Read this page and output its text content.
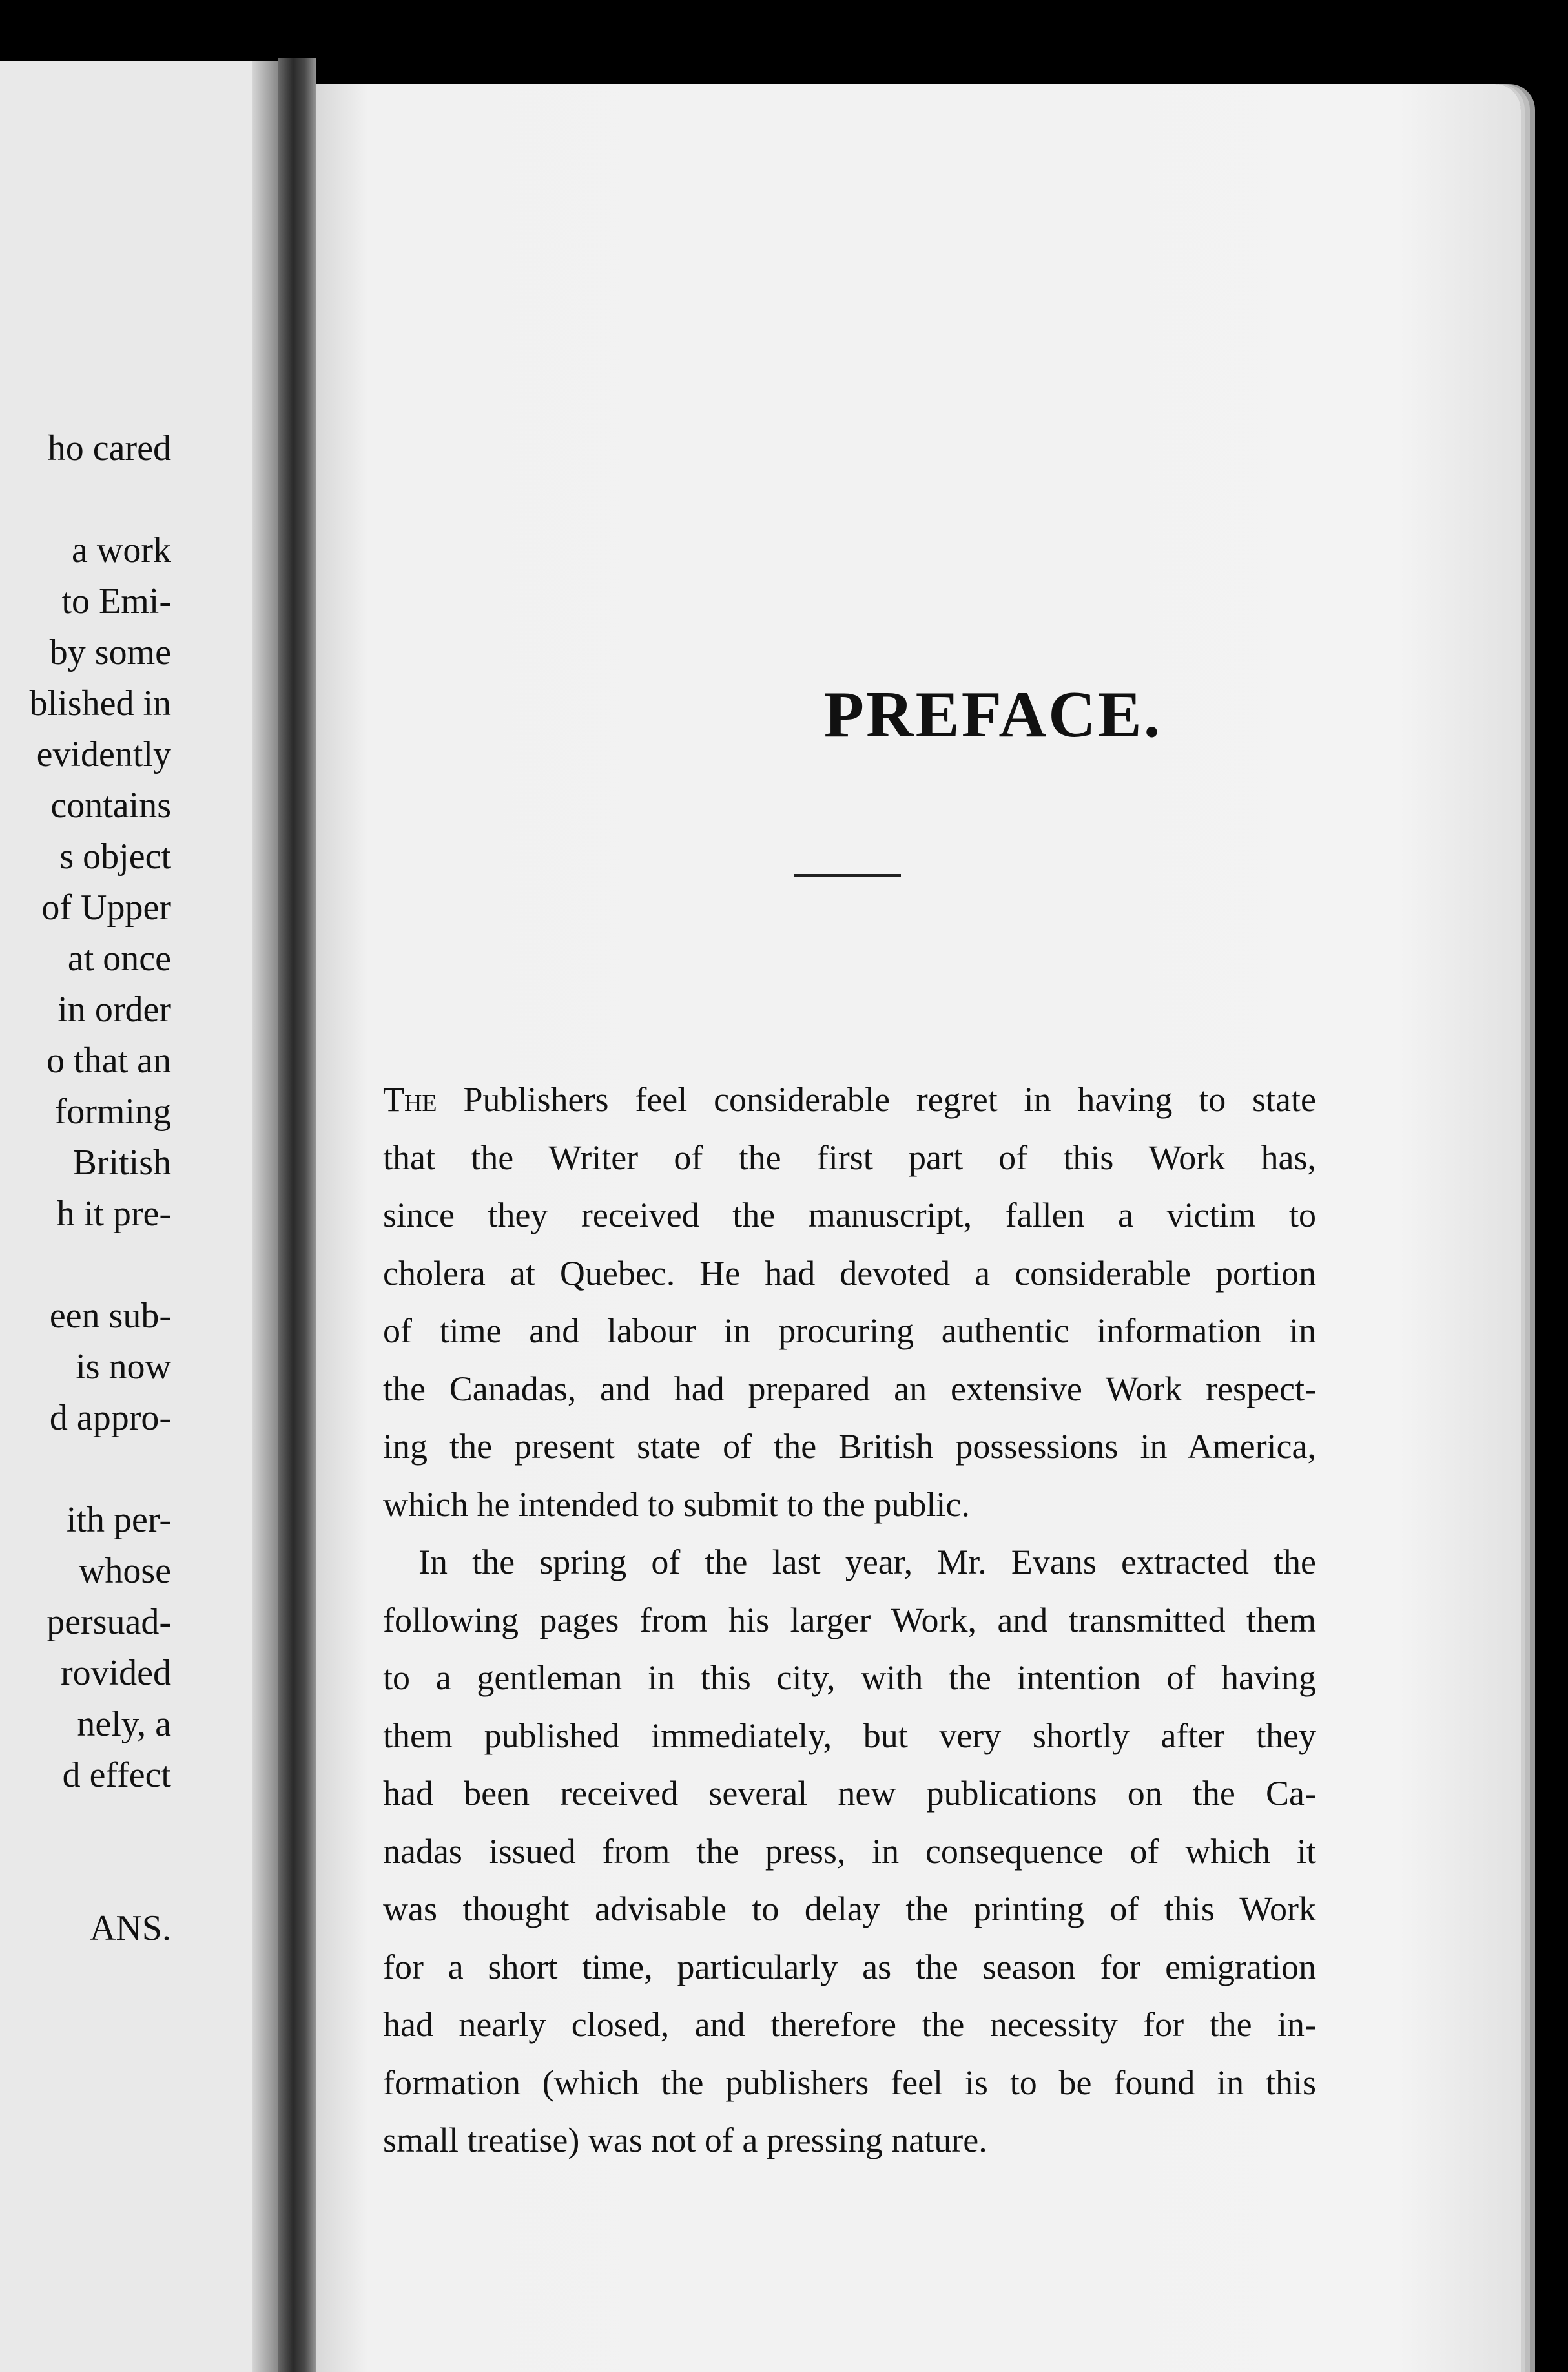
ho cared

a work
to Emi-
by some
blished in
evidently
contains
s object
of Upper
at once
in order
o that an
forming
British
h it pre-

een sub-
is now
d appro-

ith per-
whose
persuad-
rovided
nely, a
d effect

ANS.
PREFACE.

The Publishers feel considerable regret in having to state
that the Writer of the first part of this Work has,
since they received the manuscript, fallen a victim to
cholera at Quebec. He had devoted a considerable portion
of time and labour in procuring authentic information in
the Canadas, and had prepared an extensive Work respect-
ing the present state of the British possessions in America,
which he intended to submit to the public.

In the spring of the last year, Mr. Evans extracted the
following pages from his larger Work, and transmitted them
to a gentleman in this city, with the intention of having
them published immediately, but very shortly after they
had been received several new publications on the Ca-
nadas issued from the press, in consequence of which it
was thought advisable to delay the printing of this Work
for a short time, particularly as the season for emigration
had nearly closed, and therefore the necessity for the in-
formation (which the publishers feel is to be found in this
small treatise) was not of a pressing nature.
